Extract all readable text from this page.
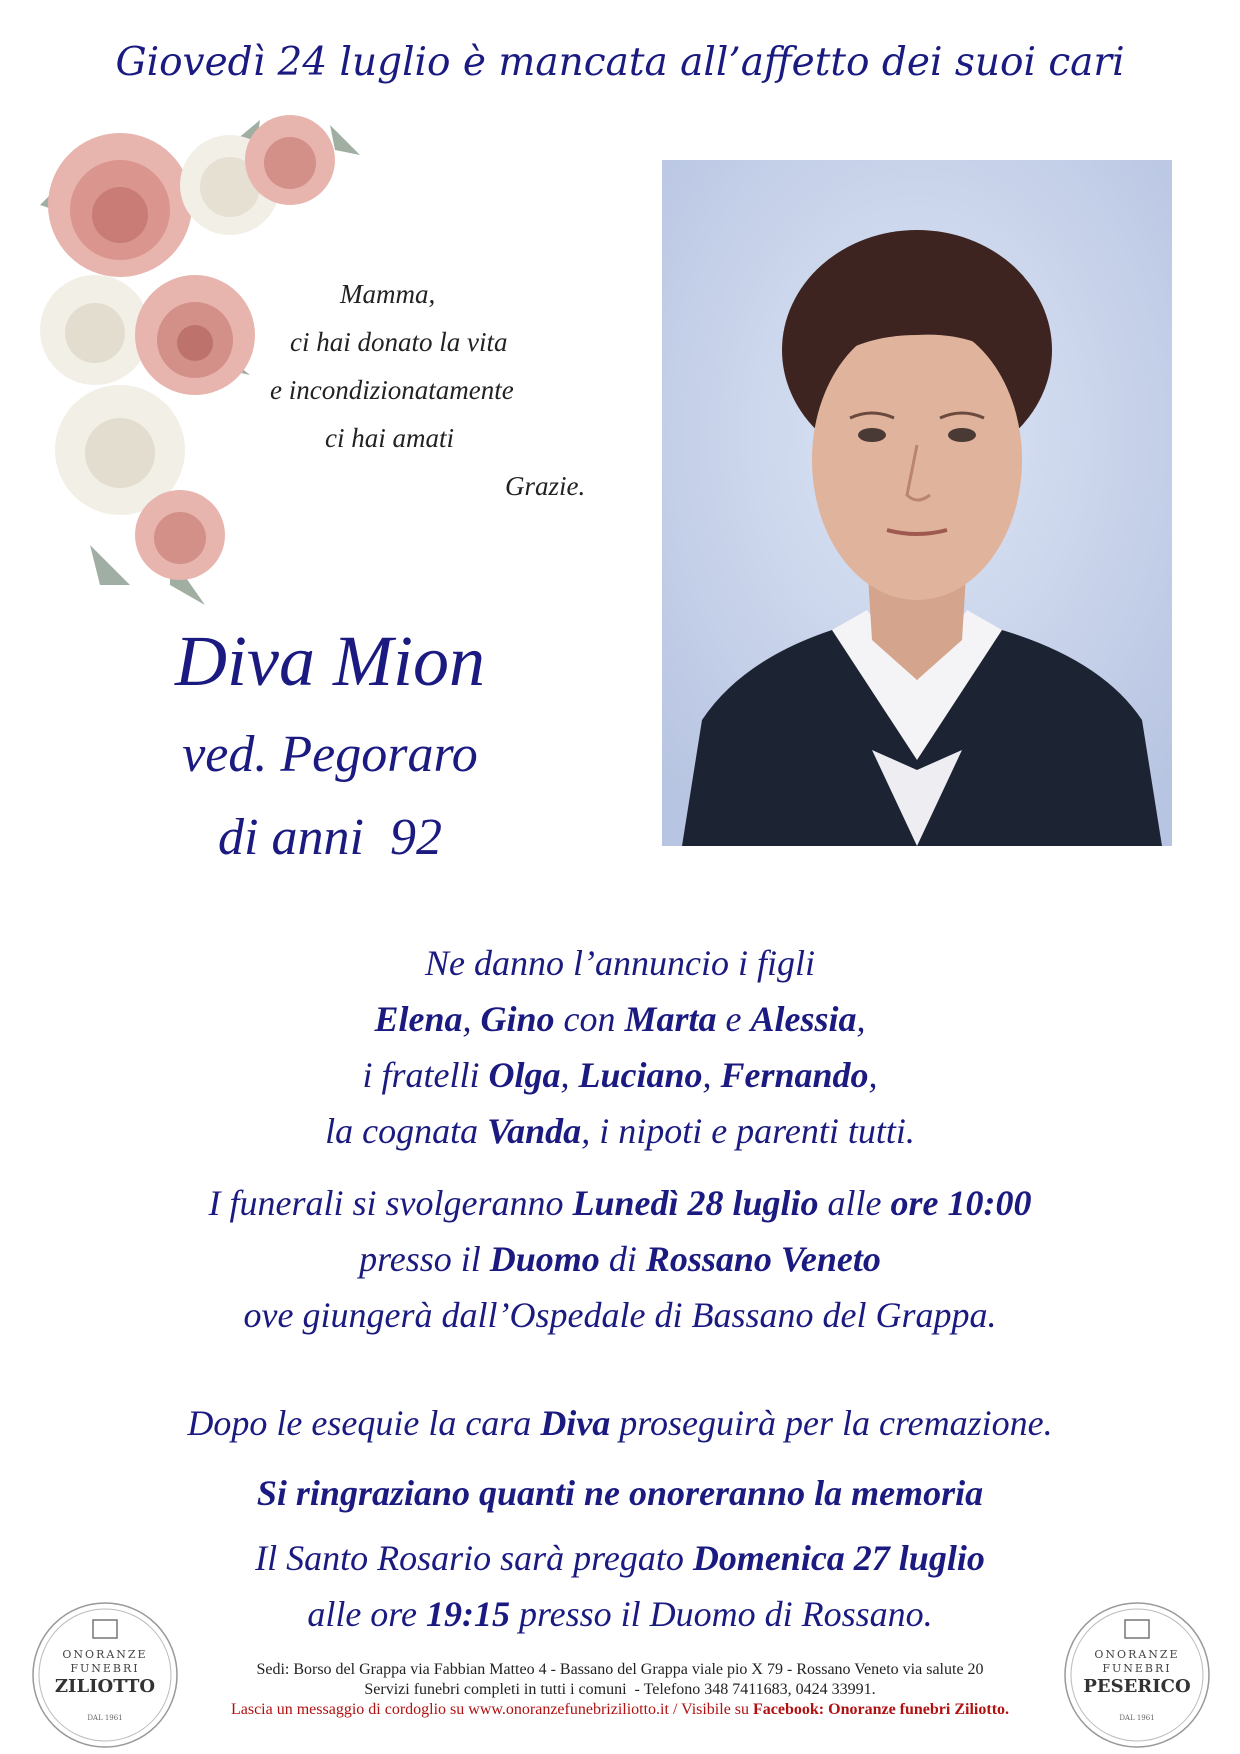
Giovedì 24 luglio è mancata all’affetto dei suoi cari
Mamma,
ci hai donato la vita
e incondizionatamente
ci hai amati
Grazie.
Diva Mion
ved. Pegoraro
di anni  92
Ne danno l’annuncio i figli
Elena, Gino con Marta e Alessia,
i fratelli Olga, Luciano, Fernando,
la cognata Vanda, i nipoti e parenti tutti.
I funerali si svolgeranno Lunedì 28 luglio alle ore 10:00
presso il Duomo di Rossano Veneto
ove giungerà dall’Ospedale di Bassano del Grappa.
Dopo le esequie la cara Diva proseguirà per la cremazione.
Si ringraziano quanti ne onoreranno la memoria
Il Santo Rosario sarà pregato Domenica 27 luglio
alle ore 19:15 presso il Duomo di Rossano.
ONORANZE
FUNEBRI
ZILIOTTO
DAL 1961
ONORANZE
FUNEBRI
PESERICO
DAL 1961
Sedi: Borso del Grappa via Fabbian Matteo 4 - Bassano del Grappa viale pio X 79 - Rossano Veneto via salute 20
Servizi funebri completi in tutti i comuni  - Telefono 348 7411683, 0424 33991.
Lascia un messaggio di cordoglio su www.onoranzefunebriziliotto.it / Visibile su Facebook: Onoranze funebri Ziliotto.
